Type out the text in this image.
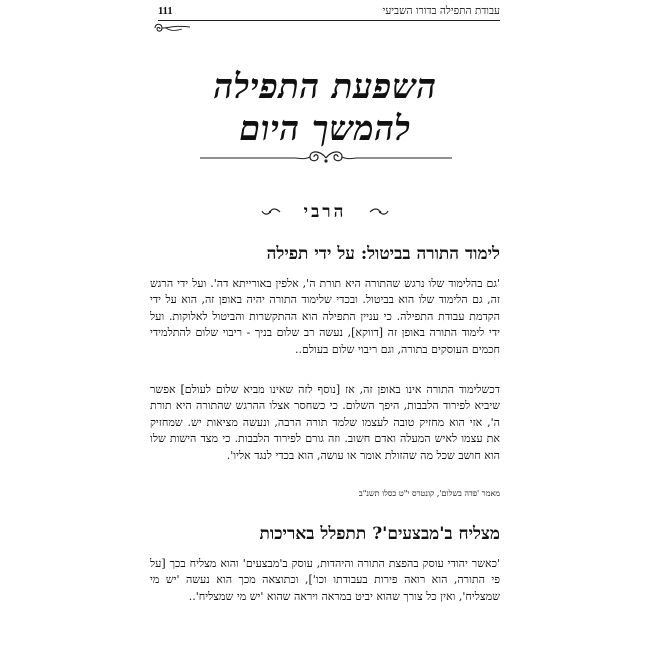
עבודת התפילה בדורו השביעי
111
השפעת התפילה
להמשך היום
הרבי
לימוד התורה בביטול: על ידי תפילה

'גם בהלימוד שלו נרגש שהתורה היא תורת ה', אלפין באורייתא דה'. ועל ידי הרגש זה, גם הלימוד שלו הוא בביטול. ובכדי שלימוד התורה יהיה באופן זה, הוא על ידי הקדמת עבודת התפילה. כי עניין התפילה הוא ההתקשרות והביטול לאלוקות. ועל ידי לימוד התורה באופן זה [דווקא], נעשה רב שלום בניך - ריבוי שלום להתלמידי חכמים העוסקים בתורה, וגם ריבוי שלום בעולם..

דכשלימוד התורה אינו באופן זה, אז [נוסף לזה שאינו מביא שלום לעולם] אפשר שיביא לפירוד הלבבות, היפך השלום. כי כשחסר אצלו ההרגש שהתורה היא תורת ה', אזי הוא מחזיק טובה לעצמו שלמד תורה הרבה, ונעשה מציאות יש. שמחזיק את עצמו לאיש המעלה ואדם חשוב. וזה גורם לפירוד הלבבות. כי מצד הישות שלו הוא חושב שכל מה שהזולת אומר או עושה, הוא בכדי לנגד אליו'.

מאמר 'פדה בשלום', קונטרס י"ט כסלו תשנ"ב
מצליח ב'מבצעים'? תתפלל באריכות

'כאשר יהודי עוסק בהפצת התורה והיהדות, עוסק ב'מבצעים' והוא מצליח בכך [על פי התורה, הוא רואה פירות בעבודתו וכו'], וכתוצאה מכך הוא נעשה 'יש מי שמצליח', ואין כל צורך שהוא יביט במראה ויראה שהוא 'יש מי שמצליח'..
